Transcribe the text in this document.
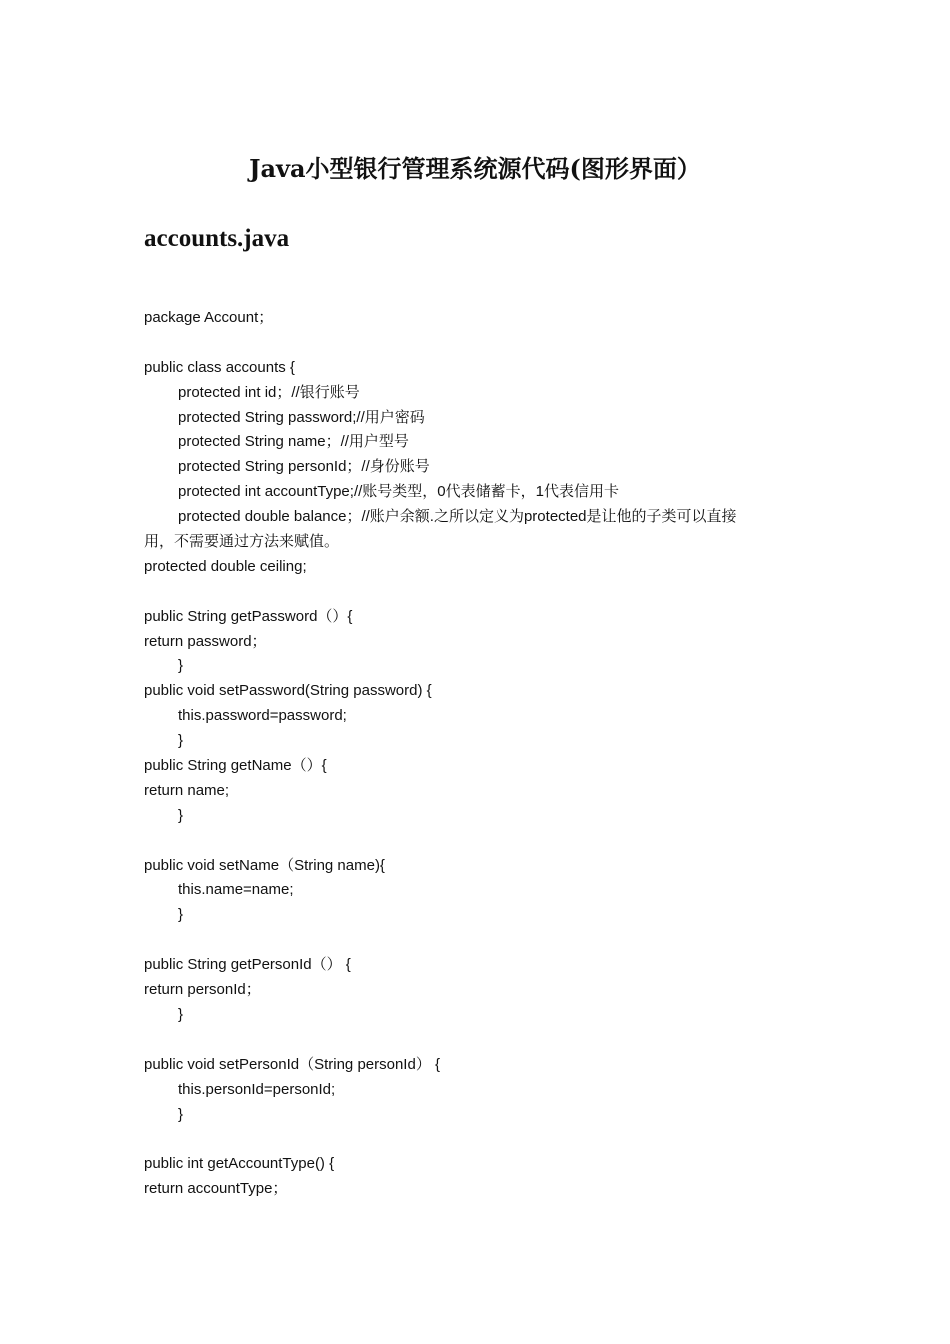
Java小型银行管理系统源代码(图形界面）
accounts.java
package Account；
public class accounts {
protected int id；//银行账号
protected String password;//用户密码
protected String name；//用户型号
protected String personId；//身份账号
protected int accountType;//账号类型，0代表储蓄卡，1代表信用卡
protected double balance；//账户余额.之所以定义为protected是让他的子类可以直接
用，不需要通过方法来赋值。
protected double ceiling;
public String getPassword（）{
return password；
}
public void setPassword(String password) {
this.password=password;
}
public String getName（）{
return name;
}
public void setName（String name){
this.name=name;
}
public String getPersonId（） {
return personId；
}
public void setPersonId（String personId） {
this.personId=personId;
}
public int getAccountType() {
return accountType；
